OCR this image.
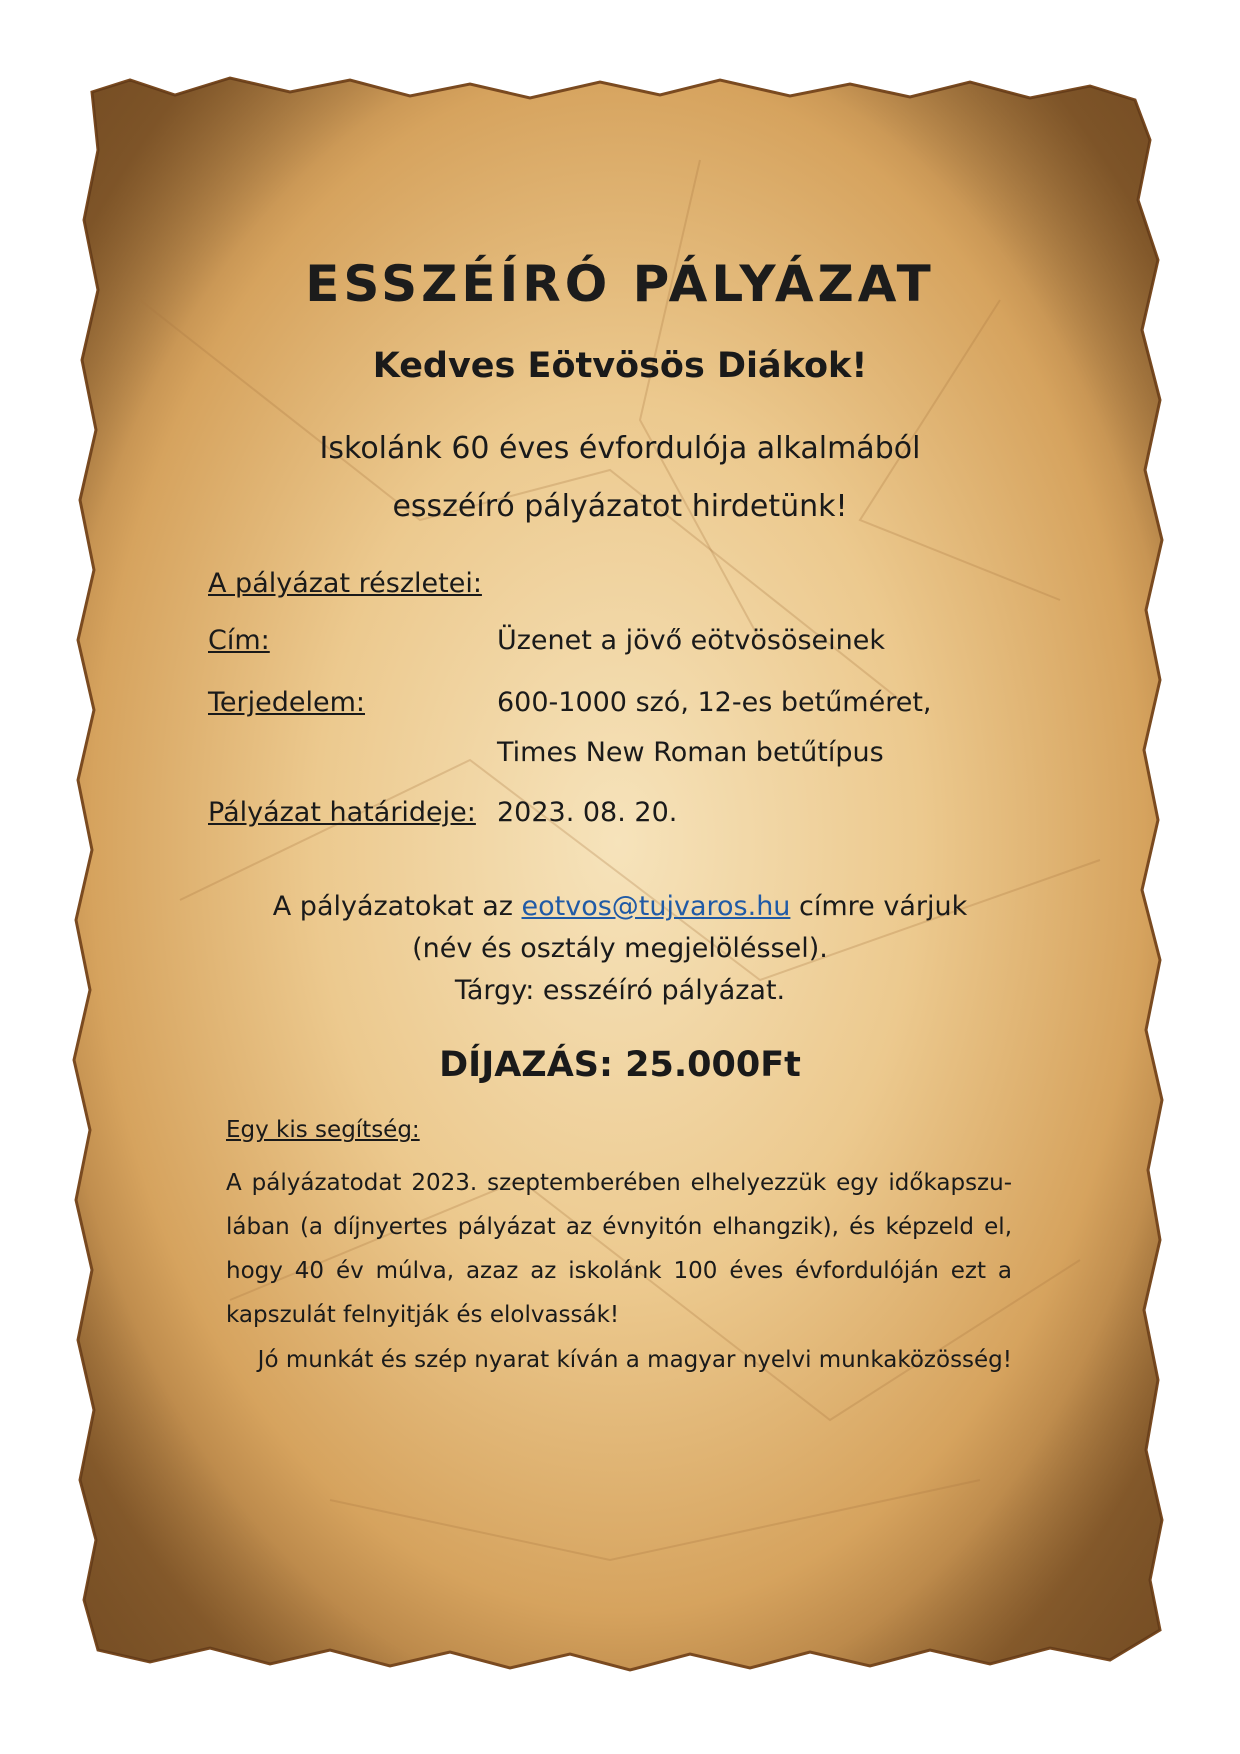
ESSZÉÍRÓ PÁLYÁZAT
Kedves Eötvösös Diákok!
Iskolánk 60 éves évfordulója alkalmából
esszéíró pályázatot hirdetünk!
A pályázat részletei:
Cím:	Üzenet a jövő eötvösöseinek
Terjedelem:	600-1000 szó, 12-es betűméret,
Times New Roman betűtípus
Pályázat határideje: 2023. 08. 20.
A pályázatokat az eotvos@tujvaros.hu címre várjuk
(név és osztály megjelöléssel).
Tárgy: esszéíró pályázat.
DÍJAZÁS: 25.000Ft
Egy kis segítség:
A pályázatodat 2023. szeptemberében elhelyezzük egy időkapszu-lában (a díjnyertes pályázat az évnyitón elhangzik), és képzeld el, hogy 40 év múlva, azaz az iskolánk 100 éves évfordulóján ezt a kapszulát felnyitják és elolvassák!
Jó munkát és szép nyarat kíván a magyar nyelvi munkaközösség!
